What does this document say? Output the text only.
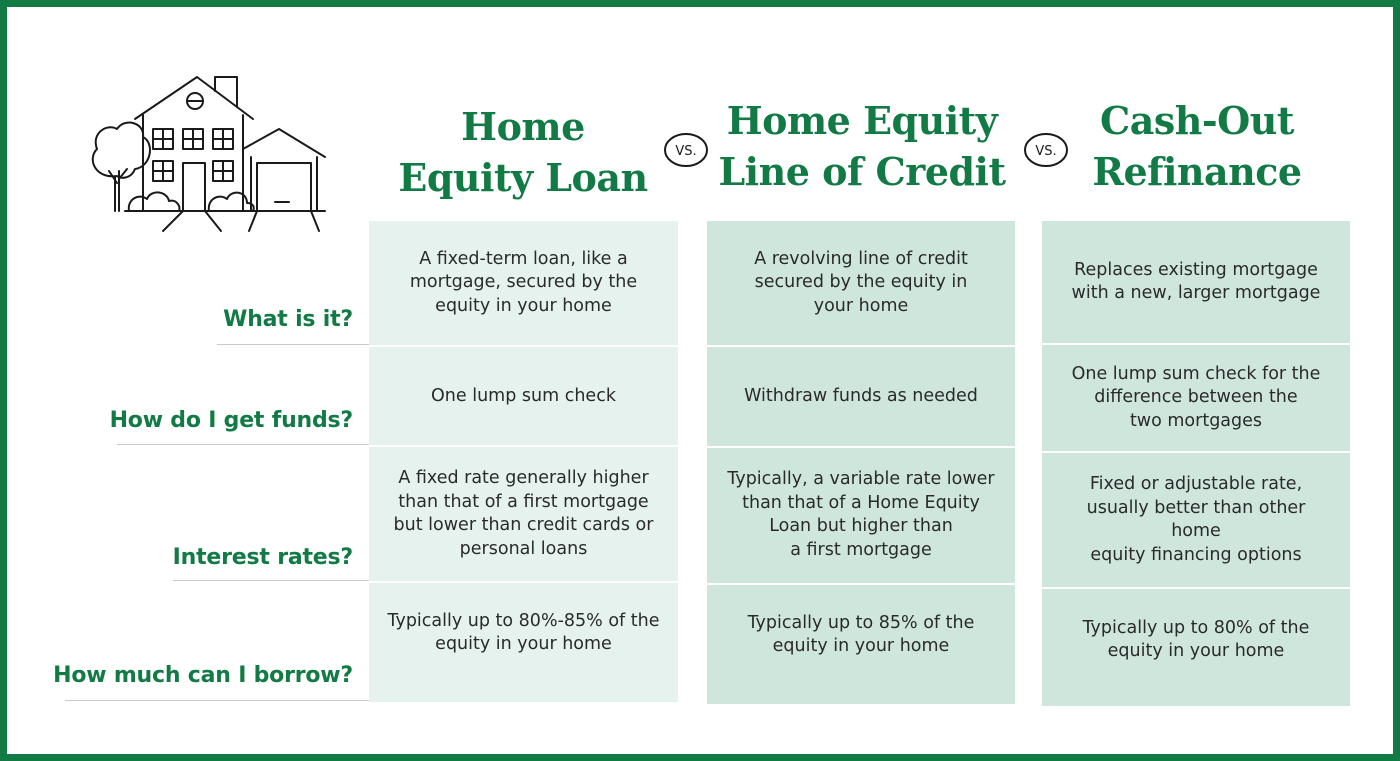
Home
Equity Loan
VS.
Home Equity
Line of Credit	VS.
Cash-Out
Refinance
A fixed-term loan, like a
mortgage, secured by the
equity in your home
One lump sum check
A fixed rate generally higher
than that of a first mortgage
but lower than credit cards or
personal loans
Typically up to 80%-85% of the
equity in your home
A revolving line of credit
secured by the equity in
your home
Withdraw funds as needed
Typically, a variable rate lower
than that of a Home Equity
Loan but higher than
a first mortgage
Typically up to 85% of the
equity in your home
Replaces existing mortgage
with a new, larger mortgage
One lump sum check for the
difference between the
two mortgages
Fixed or adjustable rate,
usually better than other home
equity financing options
Typically up to 80% of the
equity in your home
What is it?
How do I get funds?
Interest rates?
How much can I borrow?
